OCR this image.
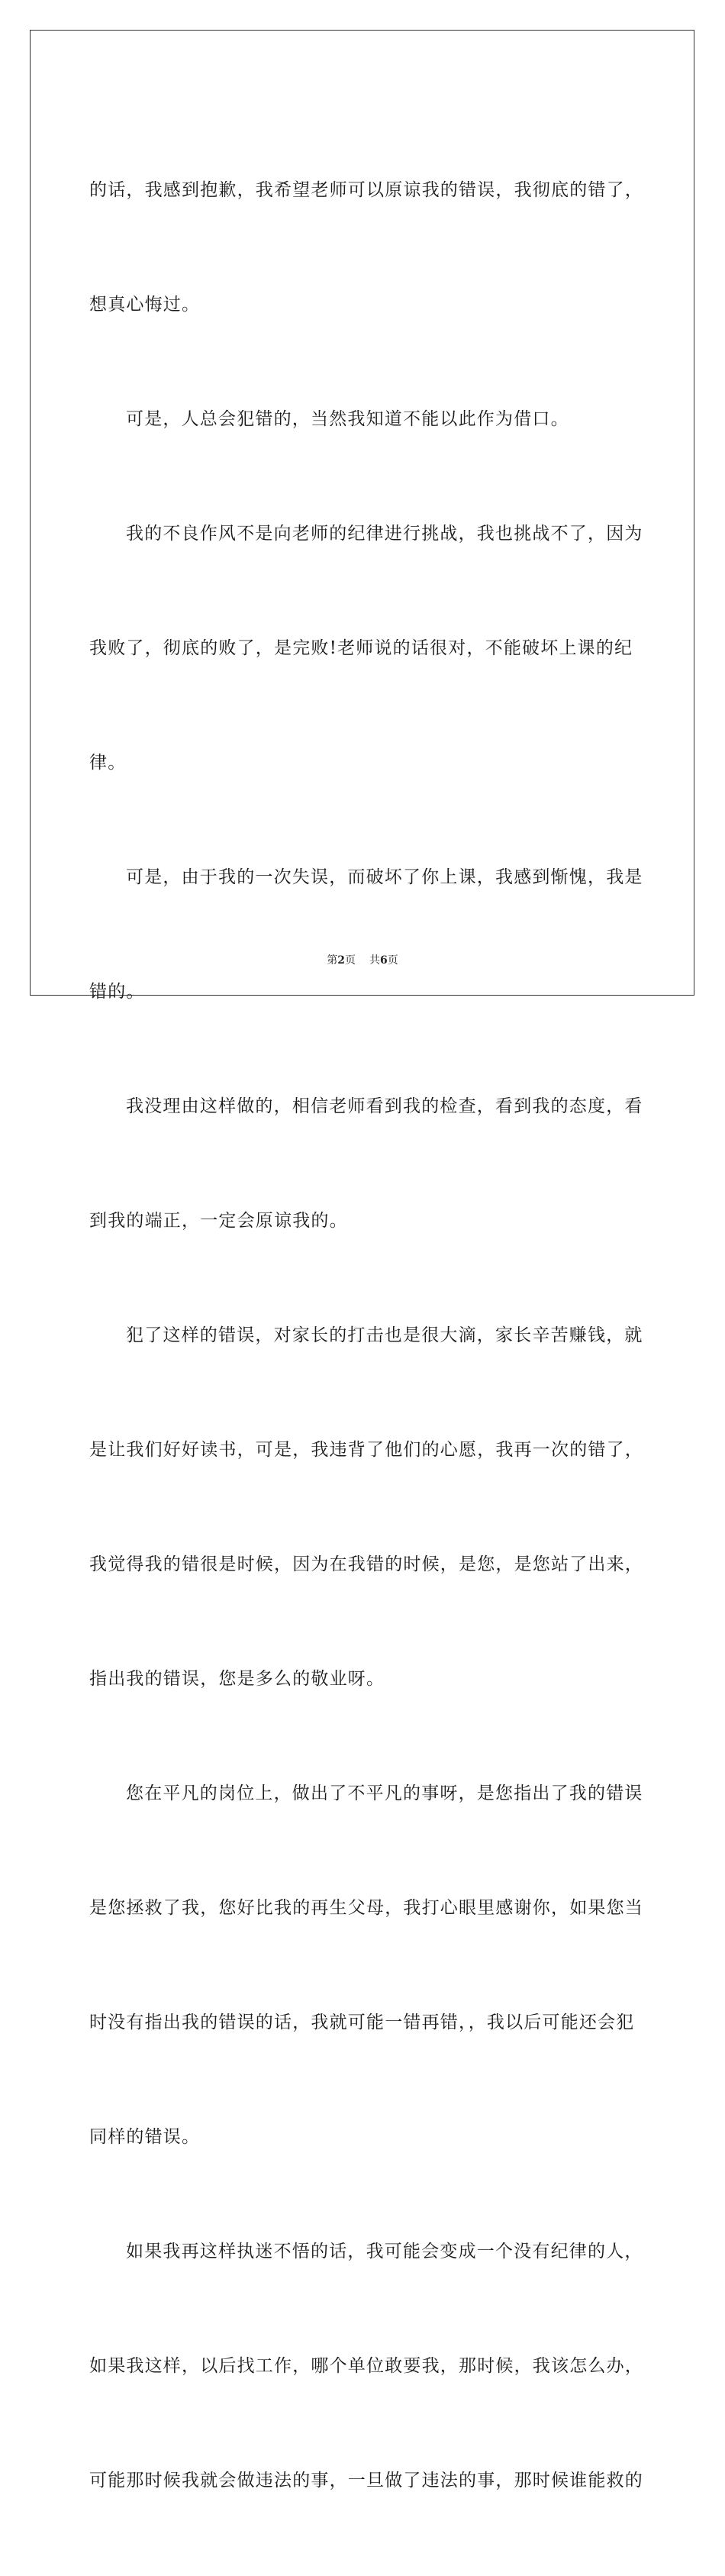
的话，我感到抱歉，我希望老师可以原谅我的错误，我彻底的错了，

想真心悔过。

可是，人总会犯错的，当然我知道不能以此作为借口。

我的不良作风不是向老师的纪律进行挑战，我也挑战不了，因为

我败了，彻底的败了，是完败!老师说的话很对，不能破坏上课的纪

律。

可是，由于我的一次失误，而破坏了你上课，我感到惭愧，我是

错的。

我没理由这样做的，相信老师看到我的检查，看到我的态度，看

到我的端正，一定会原谅我的。

犯了这样的错误，对家长的打击也是很大滴，家长辛苦赚钱，就

是让我们好好读书，可是，我违背了他们的心愿，我再一次的错了，

我觉得我的错很是时候，因为在我错的时候，是您，是您站了出来，

指出我的错误，您是多么的敬业呀。

您在平凡的岗位上，做出了不平凡的事呀，是您指出了我的错误

是您拯救了我，您好比我的再生父母，我打心眼里感谢你，如果您当

时没有指出我的错误的话，我就可能一错再错，，我以后可能还会犯

同样的错误。

如果我再这样执迷不悟的话，我可能会变成一个没有纪律的人，

如果我这样，以后找工作，哪个单位敢要我，那时候，我该怎么办，

可能那时候我就会做违法的事，一旦做了违法的事，那时候谁能救的

第2页 共6页
